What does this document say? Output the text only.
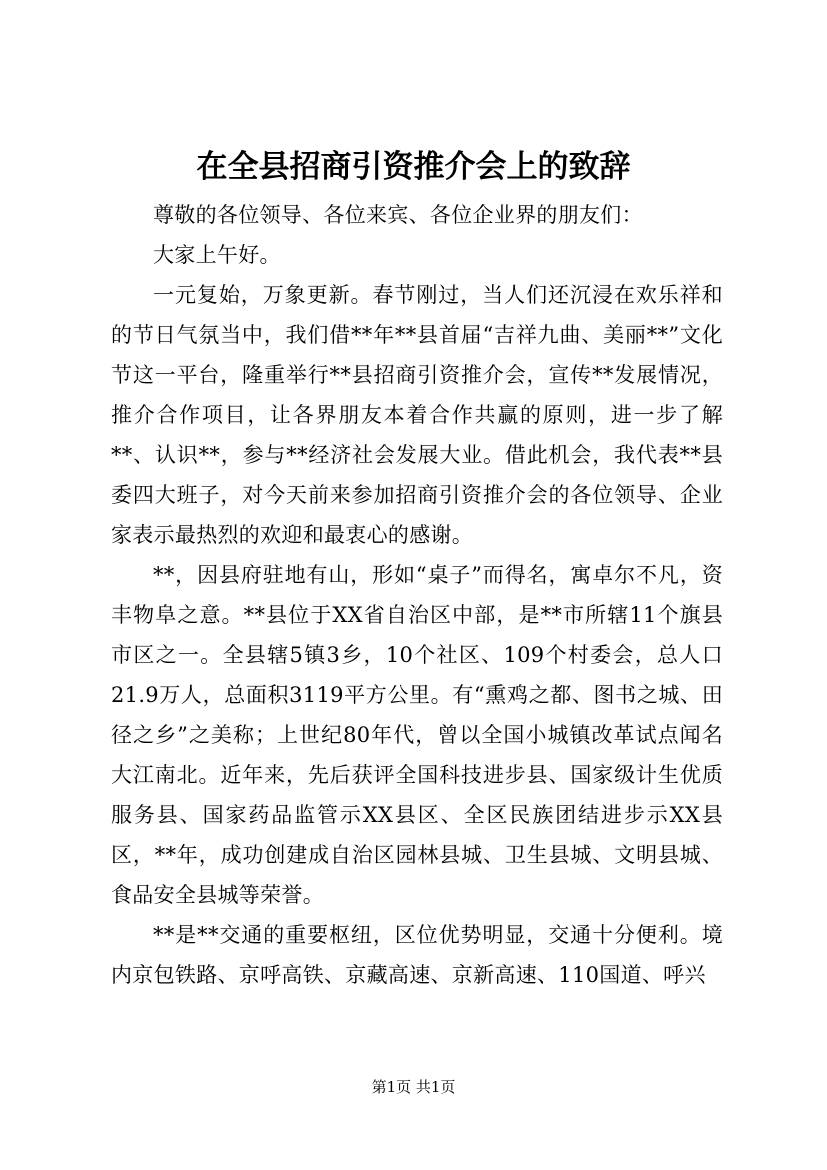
在全县招商引资推介会上的致辞

尊敬的各位领导、各位来宾、各位企业界的朋友们：

大家上午好。

一元复始，万象更新。春节刚过，当人们还沉浸在欢乐祥和的节日气氛当中，我们借**年**县首届“吉祥九曲、美丽**”文化节这一平台，隆重举行**县招商引资推介会，宣传**发展情况，推介合作项目，让各界朋友本着合作共赢的原则，进一步了解**、认识**，参与**经济社会发展大业。借此机会，我代表**县委四大班子，对今天前来参加招商引资推介会的各位领导、企业家表示最热烈的欢迎和最衷心的感谢。

**，因县府驻地有山，形如“桌子”而得名，寓卓尔不凡，资丰物阜之意。**县位于XX省自治区中部，是**市所辖11个旗县市区之一。全县辖5镇3乡，10个社区、109个村委会，总人口21.9万人，总面积3119平方公里。有“熏鸡之都、图书之城、田径之乡”之美称；上世纪80年代，曾以全国小城镇改革试点闻名大江南北。近年来，先后获评全国科技进步县、国家级计生优质服务县、国家药品监管示XX县区、全区民族团结进步示XX县区，**年，成功创建成自治区园林县城、卫生县城、文明县城、食品安全县城等荣誉。

**是**交通的重要枢纽，区位优势明显，交通十分便利。境内京包铁路、京呼高铁、京藏高速、京新高速、110国道、呼兴

第1页 共1页
